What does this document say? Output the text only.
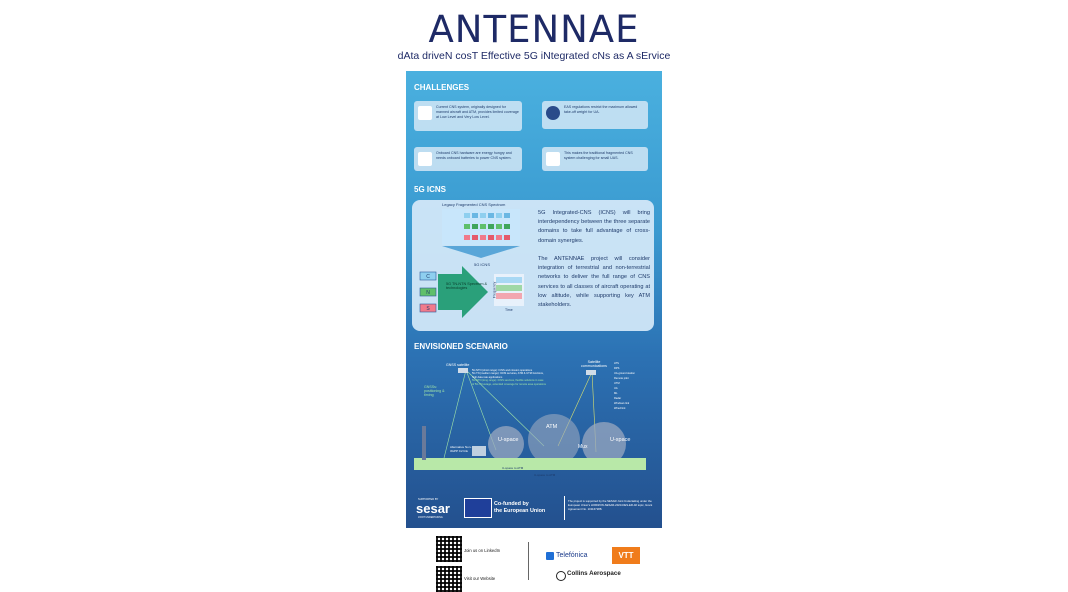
ANTENNAE
dAta driveN cosT Effective 5G iNtegrated cNs as A sErvice
CHALLENGES
Current CNS system, originally designed for manned aircraft and ATM, provides limited coverage at Low Level and Very Low Level.
EAS regulations restrict the maximum allowed take-off weight for UA.
Onboard CNS hardware are energy hungry and needs onboard batteries to power CNS system.
This makes the traditional fragmented CNS system challenging for small UAS.
5G ICNS
Legacy Fragmented CNS Spectrum
5G ICNS
C
N
S
5G TN-NTN Spectrum & technologies	Frequency
Time
5G Integrated-CNS (ICNS) will bring interdependency between the three separate domains to take full advantage of cross-domain synergies.
The ANTENNAE project will consider integration of terrestrial and non-terrestrial networks to deliver the full range of CNS services to all classes of aircraft operating at low altitude, while supporting key ATM stakeholders.
ENVISIONED SCENARIO
GNSS satellite
Satellite communications
GNSSs: positioning & timing
5G NTN (short range): ICNS and mission operations
5G TN (medium range): ICNS services, ATM & UTM functions, high data rate applications
5G NTN (long range): ICNS services, flexible solutions in case of 5G TN outage, extended coverage for remote area operations
ATS
RPS
UA-ground station
Remote pilot
UTM
UA
ML
Radar
Windows link
Wired link
Alternative Non-3GPP C2 link
U-space
ATM
Mux
U-space
U-space to ATM
U-space to ATM
SUPPORTED BY
sesar
JOINT UNDERTAKING
Co-funded by
the European Union
The project is supported by the SESAR Joint Undertaking under the European Union's HORIZON-SESAR-2023-DES-ER-02 topic, Grant Agreement No. 101167288.
Join us on LinkedIn
Visit our Website
Telefónica	VTT
Collins Aerospace
